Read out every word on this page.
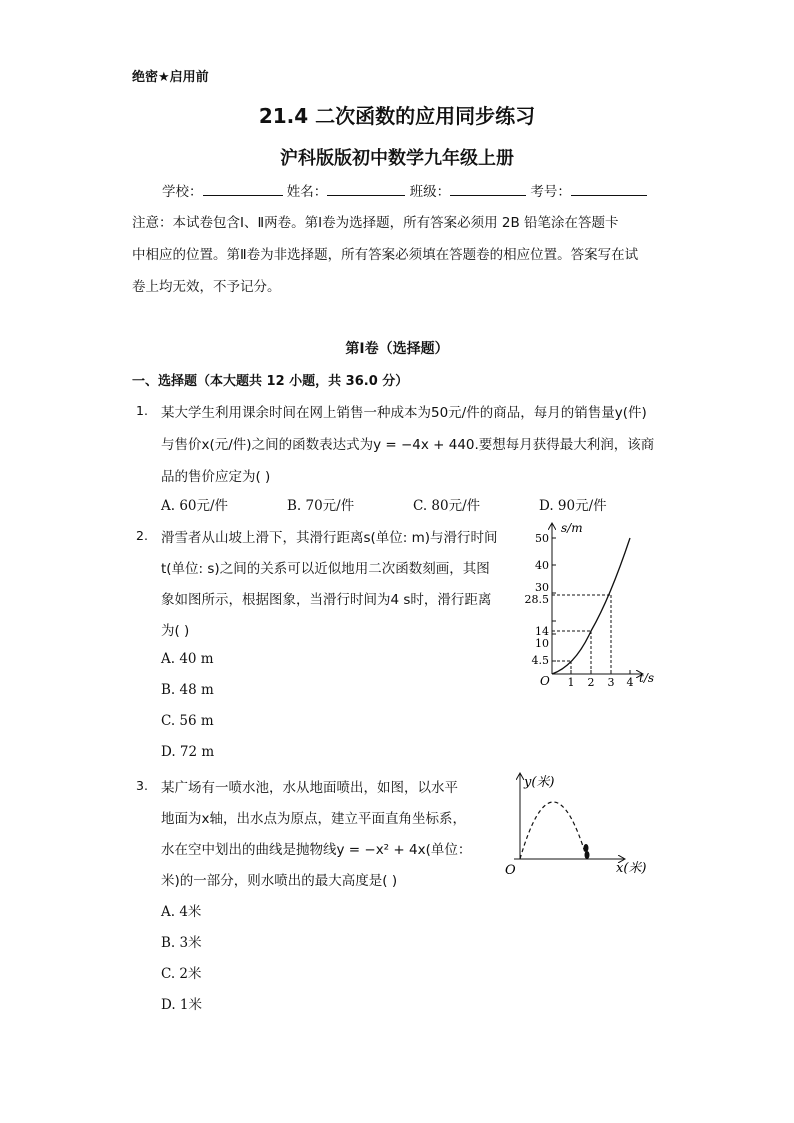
绝密★启用前
21.4 二次函数的应用同步练习
沪科版版初中数学九年级上册
学校：	姓名：	班级：	考号：
注意：本试卷包含Ⅰ、Ⅱ两卷。第Ⅰ卷为选择题，所有答案必须用 2B 铅笔涂在答题卡
中相应的位置。第Ⅱ卷为非选择题，所有答案必须填在答题卷的相应位置。答案写在试
卷上均无效，不予记分。
第Ⅰ卷（选择题）
一、选择题（本大题共 12 小题，共 36.0 分）
1. 某大学生利用课余时间在网上销售一种成本为50元/件的商品，每月的销售量y(件)
与售价x(元/件)之间的函数表达式为y = −4x + 440.要想每月获得最大利润，该商
品的售价应定为( )
A. 60元/件	B. 70元/件	C. 80元/件	D. 90元/件
2. 滑雪者从山坡上滑下，其滑行距离s(单位: m)与滑行时间
t(单位: s)之间的关系可以近似地用二次函数刻画，其图
象如图所示，根据图象，当滑行时间为4 s时，滑行距离
为( )
A. 40 m
B. 48 m
C. 56 m
D. 72 m
s/m
t/s
O
50
40
30
28.5
14
10
4.5
1 2 3 4
3. 某广场有一喷水池，水从地面喷出，如图，以水平
地面为x轴，出水点为原点，建立平面直角坐标系，
水在空中划出的曲线是抛物线y = −x² + 4x(单位：
米)的一部分，则水喷出的最大高度是( )
A. 4米
B. 3米
C. 2米
D. 1米
y(米)
x(米)
O
